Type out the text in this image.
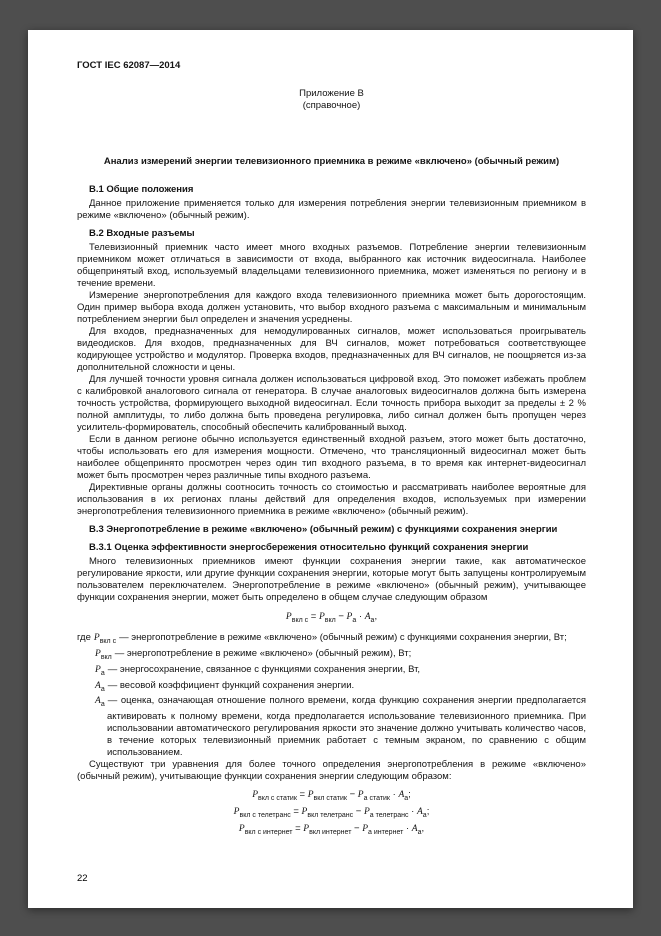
ГОСТ IEC 62087—2014
Приложение В
(справочное)
Анализ измерений энергии телевизионного приемника в режиме «включено» (обычный режим)

В.1 Общие положения

Данное приложение применяется только для измерения потребления энергии телевизионным приемником в режиме «включено» (обычный режим).

В.2 Входные разъемы

Телевизионный приемник часто имеет много входных разъемов. Потребление энергии телевизионным приемником может отличаться в зависимости от входа, выбранного как источник видеосигнала. Наиболее общепринятый вход, используемый владельцами телевизионного приемника, может изменяться по региону и в течение времени.

Измерение энергопотребления для каждого входа телевизионного приемника может быть дорогостоящим. Один пример выбора входа должен установить, что выбор входного разъема с максимальным и минимальным потреблением энергии был определен и значения усреднены.

Для входов, предназначенных для немодулированных сигналов, может использоваться проигрыватель видеодисков. Для входов, предназначенных для ВЧ сигналов, может потребоваться соответствующее кодирующее устройство и модулятор. Проверка входов, предназначенных для ВЧ сигналов, не поощряется из-за дополнительной сложности и цены.

Для лучшей точности уровня сигнала должен использоваться цифровой вход. Это поможет избежать проблем с калибровкой аналогового сигнала от генератора. В случае аналоговых видеосигналов должна быть измерена точность устройства, формирующего выходной видеосигнал. Если точность прибора выходит за пределы ± 2 % полной амплитуды, то либо должна быть проведена регулировка, либо сигнал должен быть пропущен через усилитель-формирователь, способный обеспечить калиброванный выход.

Если в данном регионе обычно используется единственный входной разъем, этого может быть достаточно, чтобы использовать его для измерения мощности. Отмечено, что трансляционный видеосигнал может быть наиболее общепринято просмотрен через один тип входного разъема, в то время как интернет-видеосигнал может быть просмотрен через различные типы входного разъема.

Директивные органы должны соотносить точность со стоимостью и рассматривать наиболее вероятные для использования в их регионах планы действий для определения входов, используемых при измерении энергопотребления телевизионного приемника в режиме «включено» (обычный режим).

В.3 Энергопотребление в режиме «включено» (обычный режим) с функциями сохранения энергии

В.3.1 Оценка эффективности энергосбережения относительно функций сохранения энергии

Много телевизионных приемников имеют функции сохранения энергии такие, как автоматическое регулирование яркости, или другие функции сохранения энергии, которые могут быть запущены контролируемым пользователем переключателем. Энергопотребление в режиме «включено» (обычный режим), учитывающее функции сохранения энергии, может быть определено в общем случае следующим образом

$P_{вкл с} = P_{вкл} - P_а \cdot A_а$,

где $P_{вкл с}$ — энергопотребление в режиме «включено» (обычный режим) с функциями сохранения энергии, Вт;

$P_{вкл}$ — энергопотребление в режиме «включено» (обычный режим), Вт;

$P_а$ — энергосохранение, связанное с функциями сохранения энергии, Вт,

$A_а$ — весовой коэффициент функций сохранения энергии.

$A_а$ — оценка, означающая отношение полного времени, когда функцию сохранения энергии предполагается активировать к полному времени, когда предполагается использование телевизионного приемника. При использовании автоматического регулирования яркости это значение должно учитывать количество часов, в течение которых телевизионный приемник работает с темным экраном, по сравнению с общим использованием.

Существуют три уравнения для более точного определения энергопотребления в режиме «включено» (обычный режим), учитывающие функции сохранения энергии следующим образом:

$P_{вкл с статик} = P_{вкл статик} - P_{а статик} \cdot A_а$;
$P_{вкл с телетранс} = P_{вкл телетранс} - P_{а телетранс} \cdot A_а$;
$P_{вкл с интернет} = P_{вкл интернет} - P_{а интернет} \cdot A_а$,
22
